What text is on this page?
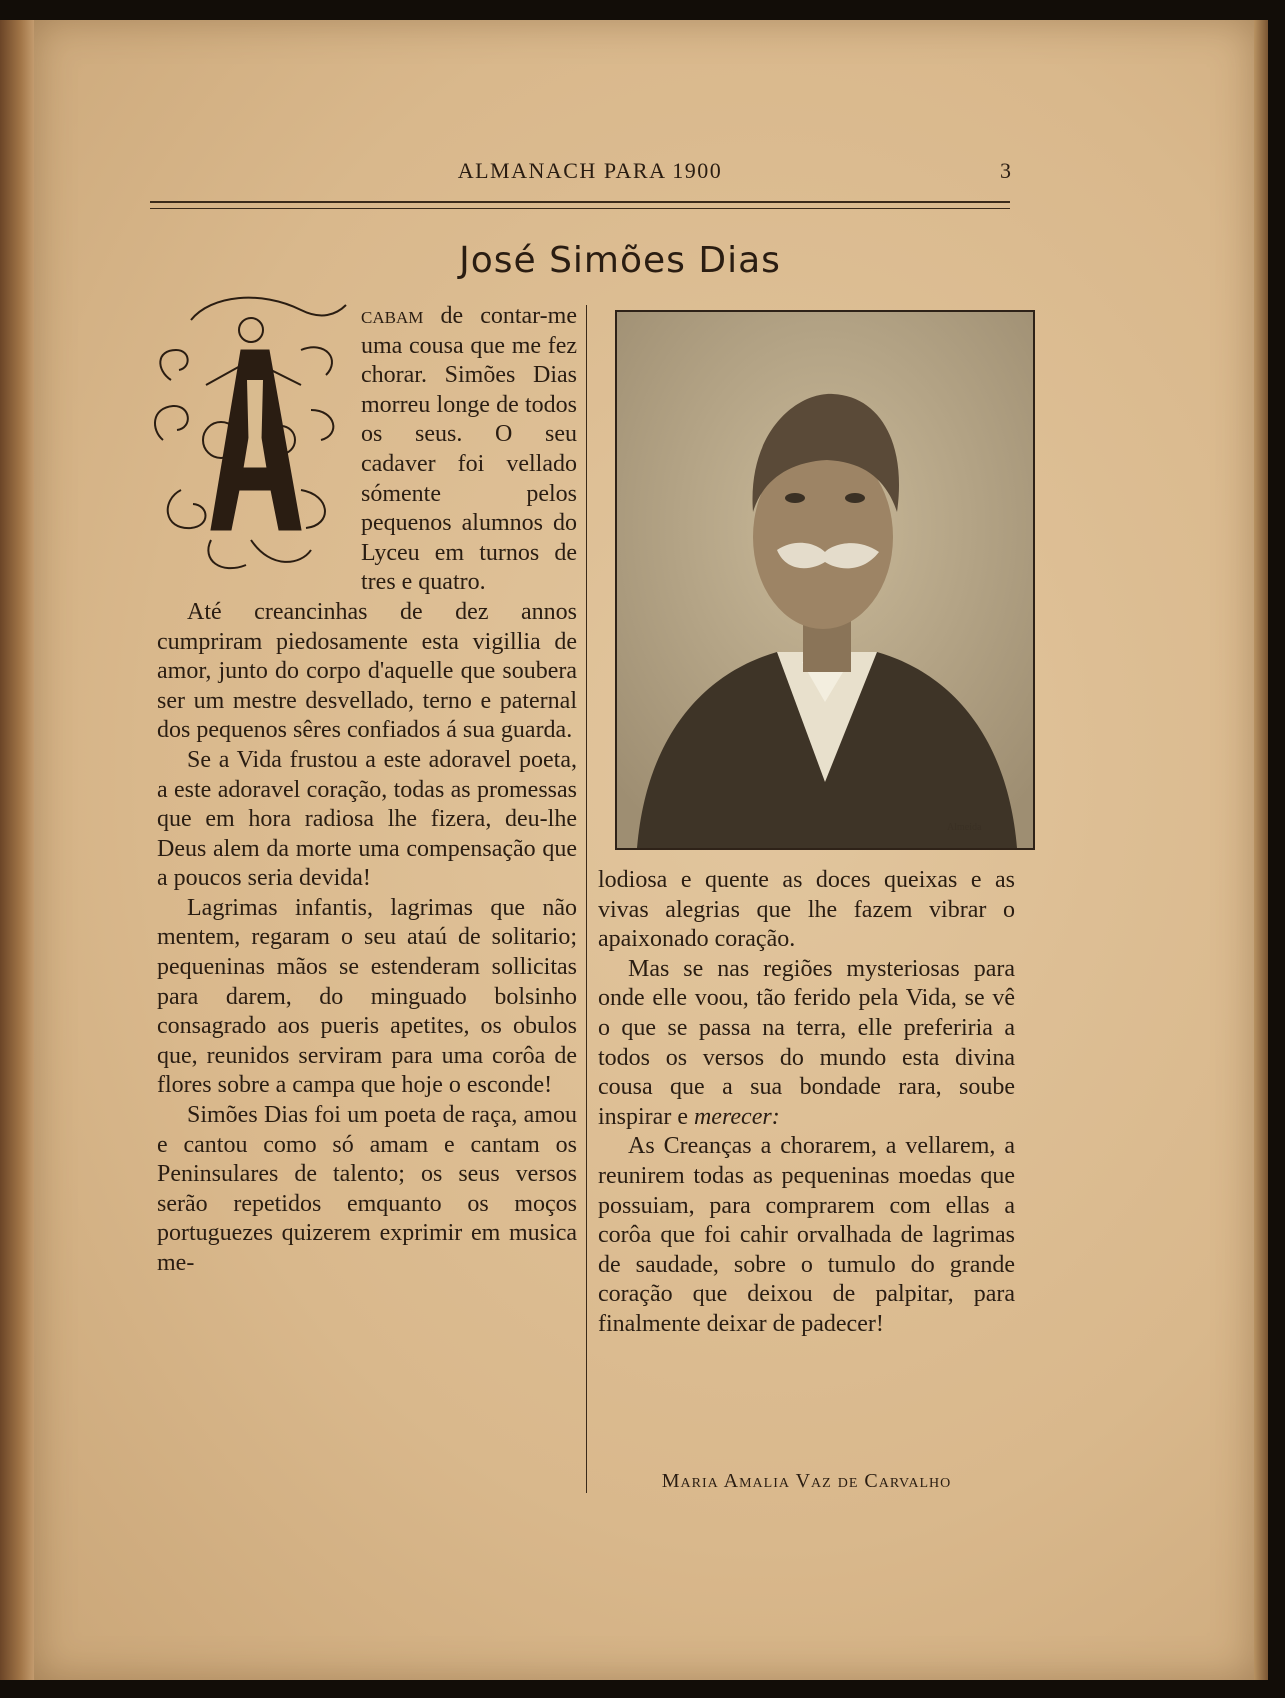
ALMANACH PARA 1900	3
José Simões Dias
A

cabam de contar-me uma cousa que me fez chorar. Simões Dias morreu longe de todos os seus. O seu cadaver foi vellado sómente pelos pequenos alumnos do Lyceu em turnos de tres e quatro.

Até creancinhas de dez annos cumpriram piedosamente esta vigillia de amor, junto do corpo d'aquelle que soubera ser um mestre desvellado, terno e paternal dos pequenos sêres confiados á sua guarda.

Se a Vida frustou a este adoravel poeta, a este adoravel coração, todas as promessas que em hora radiosa lhe fizera, deu-lhe Deus alem da morte uma compensação que a poucos seria devida!

Lagrimas infantis, lagrimas que não mentem, regaram o seu ataú de solitario; pequeninas mãos se estenderam sollicitas para darem, do minguado bolsinho consagrado aos pueris apetites, os obulos que, reunidos serviram para uma corôa de flores sobre a campa que hoje o esconde!

Simões Dias foi um poeta de raça, amou e cantou como só amam e cantam os Peninsulares de talento; os seus versos serão repetidos emquanto os moços portuguezes quizerem exprimir em musica me-

Almeida

lodiosa e quente as doces queixas e as vivas alegrias que lhe fazem vibrar o apaixonado coração.

Mas se nas regiões mysteriosas para onde elle voou, tão ferido pela Vida, se vê o que se passa na terra, elle preferiria a todos os versos do mundo esta divina cousa que a sua bondade rara, soube inspirar e merecer:

As Creanças a chorarem, a vellarem, a reunirem todas as pequeninas moedas que possuiam, para comprarem com ellas a corôa que foi cahir orvalhada de lagrimas de saudade, sobre o tumulo do grande coração que deixou de palpitar, para finalmente deixar de padecer!

Maria Amalia Vaz de Carvalho
